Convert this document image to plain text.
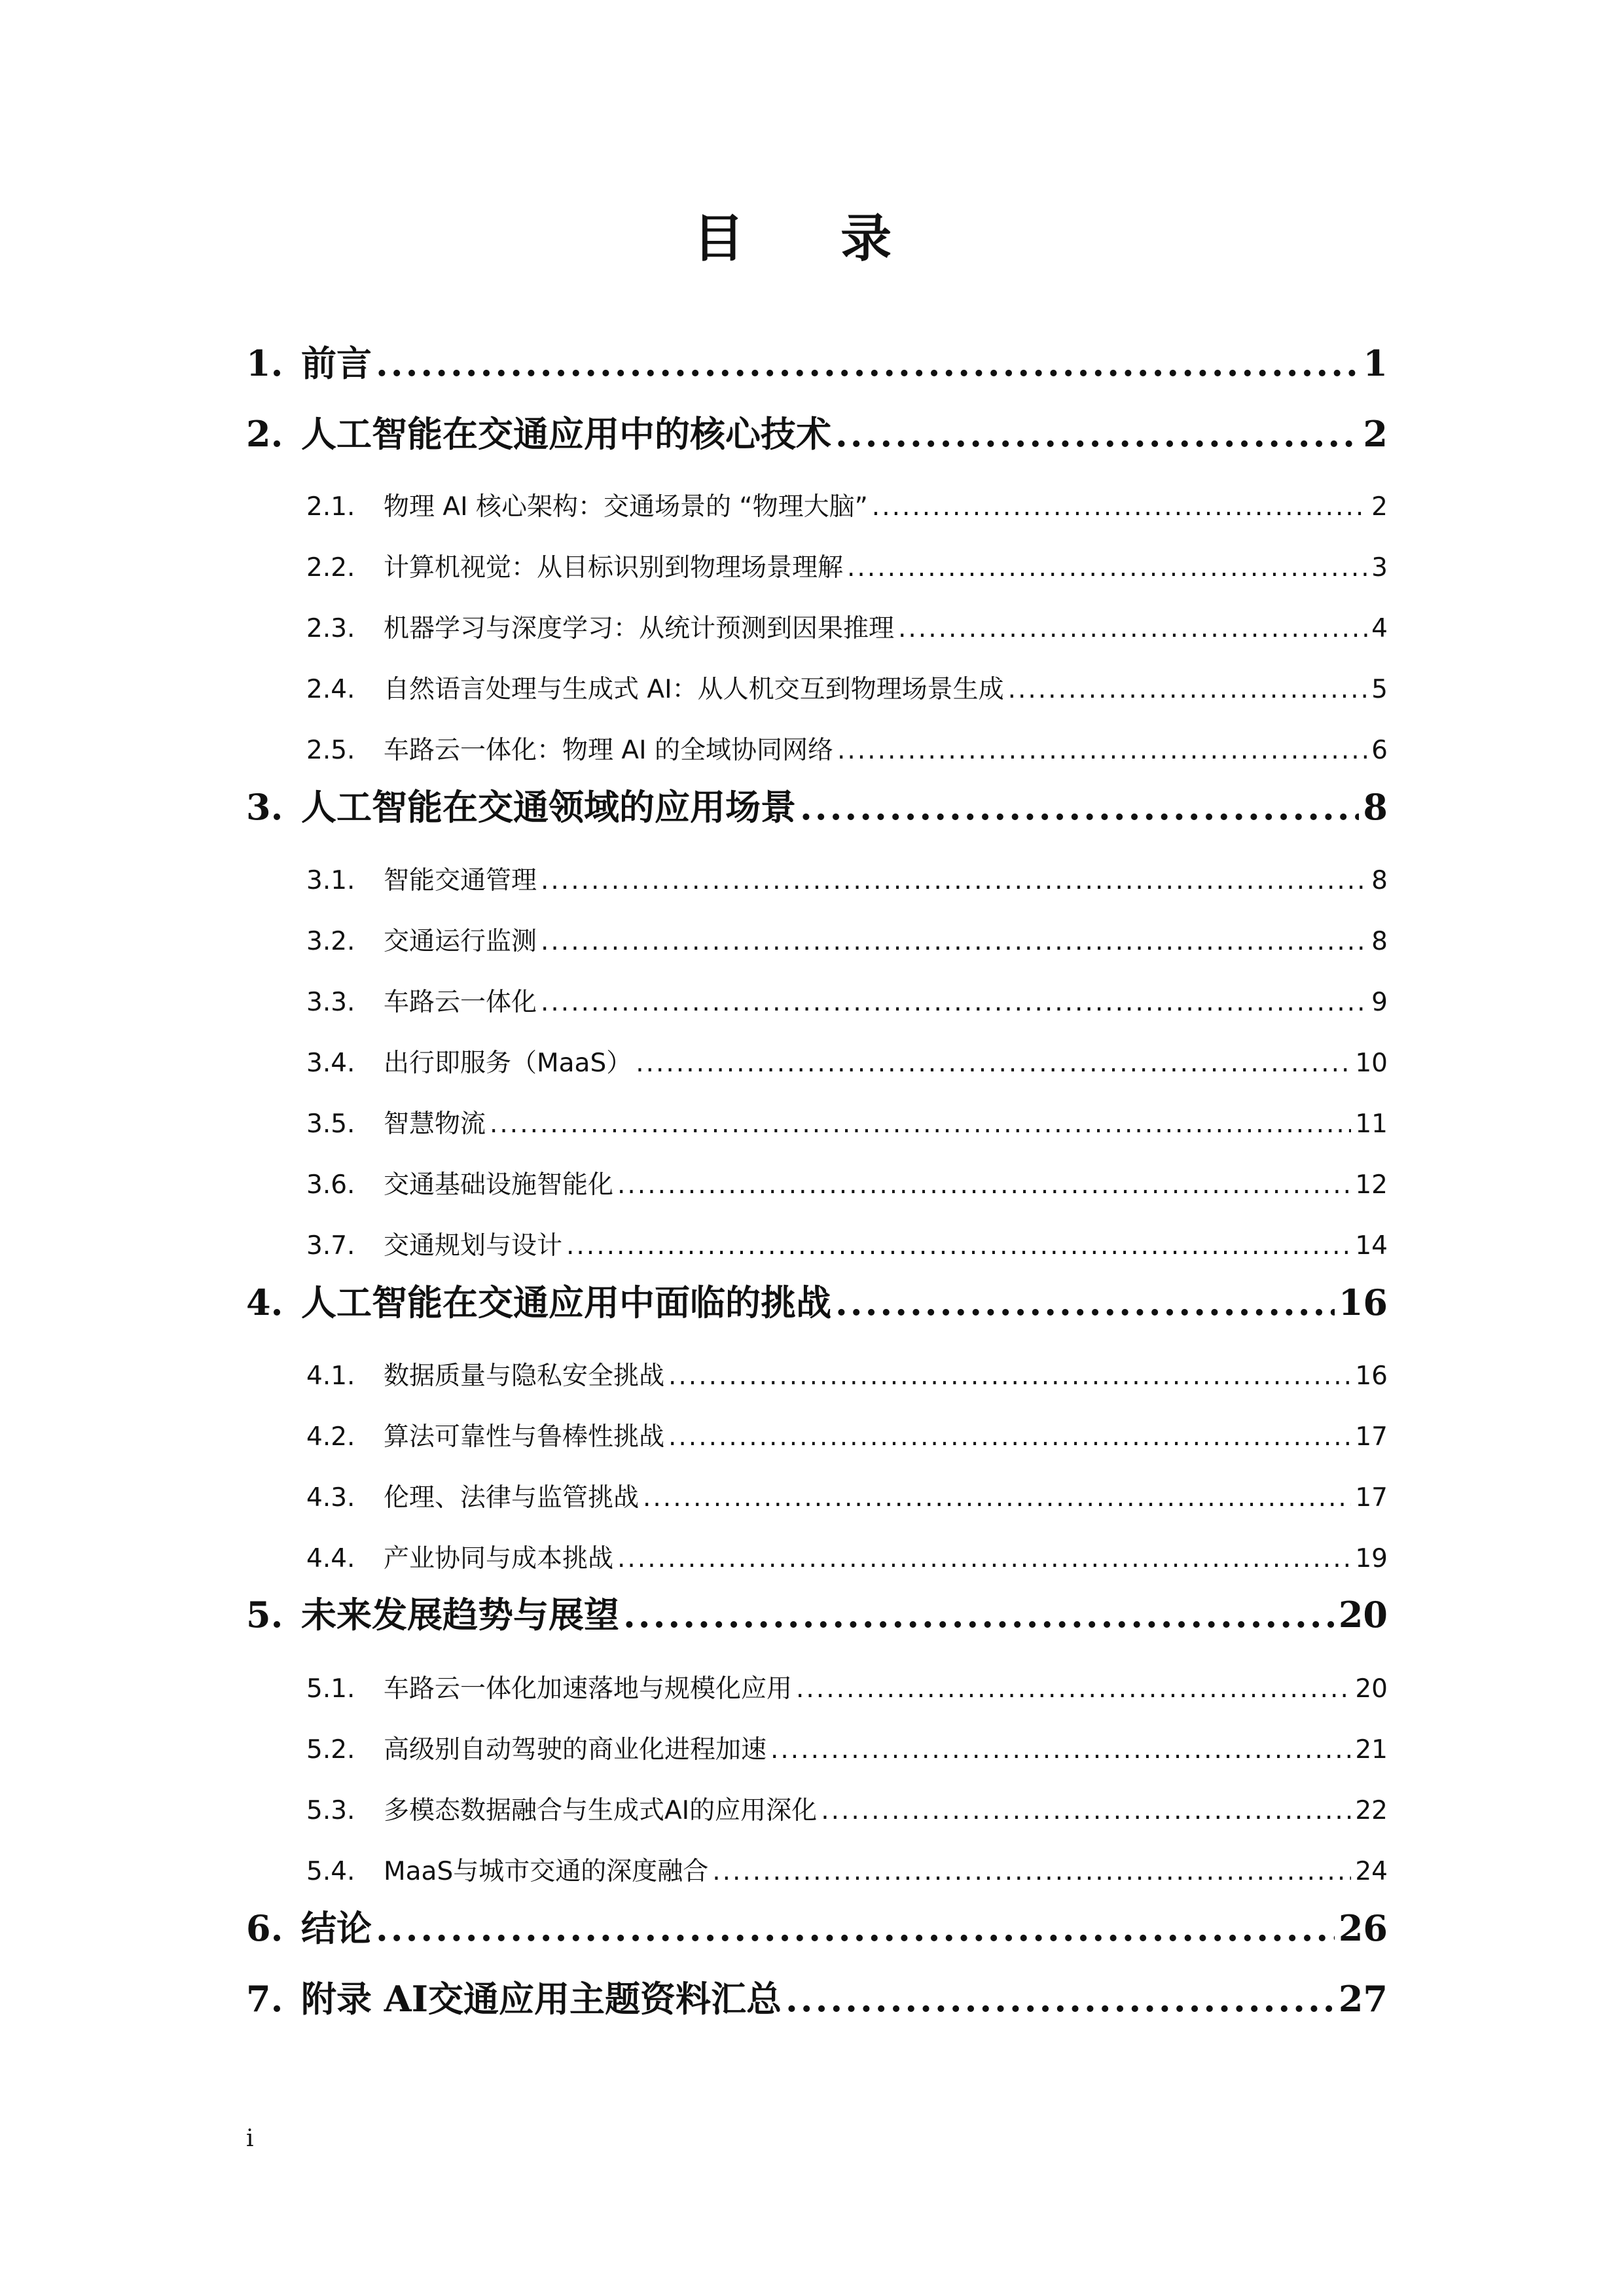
目 录
1. 前言 .....	1
2. 人工智能在交通应用中的核心技术 .....	2
2.1.	物理 AI 核心架构：交通场景的 “物理大脑” .....	2
2.2.	计算机视觉：从目标识别到物理场景理解 .....	3
2.3.	机器学习与深度学习：从统计预测到因果推理 .....	4
2.4.	自然语言处理与生成式 AI：从人机交互到物理场景生成 .....	5
2.5.	车路云一体化：物理 AI 的全域协同网络 .....	6
3. 人工智能在交通领域的应用场景 .....	8
3.1.	智能交通管理 .....	8
3.2.	交通运行监测 .....	8
3.3.	车路云一体化 .....	9
3.4.	出行即服务（MaaS） .....	10
3.5.	智慧物流 .....	11
3.6.	交通基础设施智能化 .....	12
3.7.	交通规划与设计 .....	14
4. 人工智能在交通应用中面临的挑战 .....	16
4.1.	数据质量与隐私安全挑战 .....	16
4.2.	算法可靠性与鲁棒性挑战 .....	17
4.3.	伦理、法律与监管挑战 .....	17
4.4.	产业协同与成本挑战 .....	19
5. 未来发展趋势与展望 .....	20
5.1.	车路云一体化加速落地与规模化应用 .....	20
5.2.	高级别自动驾驶的商业化进程加速 .....	21
5.3.	多模态数据融合与生成式AI的应用深化 .....	22
5.4.	MaaS与城市交通的深度融合 .....	24
6. 结论 .....	26
7. 附录 AI交通应用主题资料汇总 .....	27
i
